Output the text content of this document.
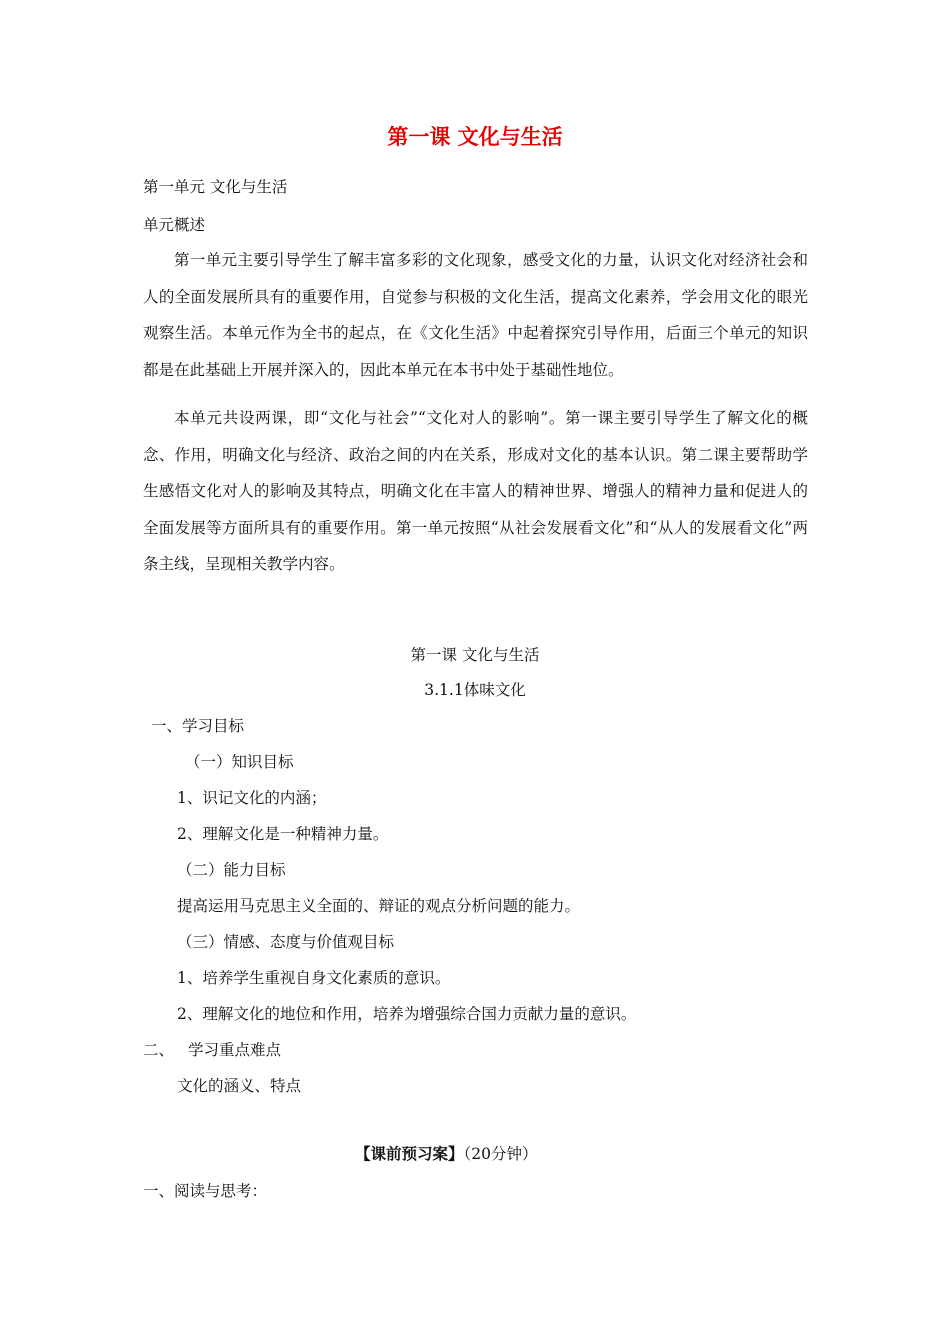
第一课 文化与生活
第一单元 文化与生活
单元概述
第一单元主要引导学生了解丰富多彩的文化现象，感受文化的力量，认识文化对经济社会和人的全面发展所具有的重要作用，自觉参与积极的文化生活，提高文化素养，学会用文化的眼光观察生活。本单元作为全书的起点，在《文化生活》中起着探究引导作用，后面三个单元的知识都是在此基础上开展并深入的，因此本单元在本书中处于基础性地位。
本单元共设两课，即“文化与社会”“文化对人的影响”。第一课主要引导学生了解文化的概念、作用，明确文化与经济、政治之间的内在关系，形成对文化的基本认识。第二课主要帮助学生感悟文化对人的影响及其特点，明确文化在丰富人的精神世界、增强人的精神力量和促进人的全面发展等方面所具有的重要作用。第一单元按照“从社会发展看文化”和“从人的发展看文化”两条主线，呈现相关教学内容。
第一课 文化与生活
3.1.1体味文化
一、学习目标
（一）知识目标
1、识记文化的内涵；
2、理解文化是一种精神力量。
（二）能力目标
提高运用马克思主义全面的、辩证的观点分析问题的能力。
（三）情感、态度与价值观目标
1、培养学生重视自身文化素质的意识。
2、理解文化的地位和作用，培养为增强综合国力贡献力量的意识。
二、 学习重点难点
文化的涵义、特点
【课前预习案】（20分钟）
一、阅读与思考：
